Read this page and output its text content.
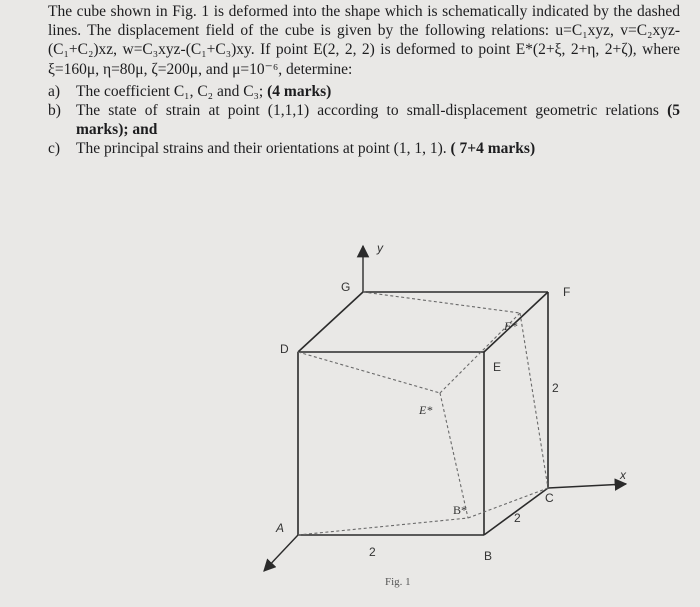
The cube shown in Fig. 1 is deformed into the shape which is schematically indicated by the dashed lines. The displacement field of the cube is given by the following relations: u=C₁xyz, v=C₂xyz-(C₁+C₂)xz, w=C₃xyz-(C₁+C₃)xy. If point E(2, 2, 2) is deformed to point E*(2+ξ, 2+η, 2+ζ), where ξ=160μ, η=80μ, ζ=200μ, and μ=10⁻⁶, determine:

a) The coefficient C₁, C₂ and C₃; (4 marks)
b) The state of strain at point (1,1,1) according to small-displacement geometric relations (5 marks); and
c) The principal strains and their orientations at point (1, 1, 1). ( 7+4 marks)
y
x
G	F
F*
D
E
E*
B*
C
A
B
2
2
2
Fig. 1
